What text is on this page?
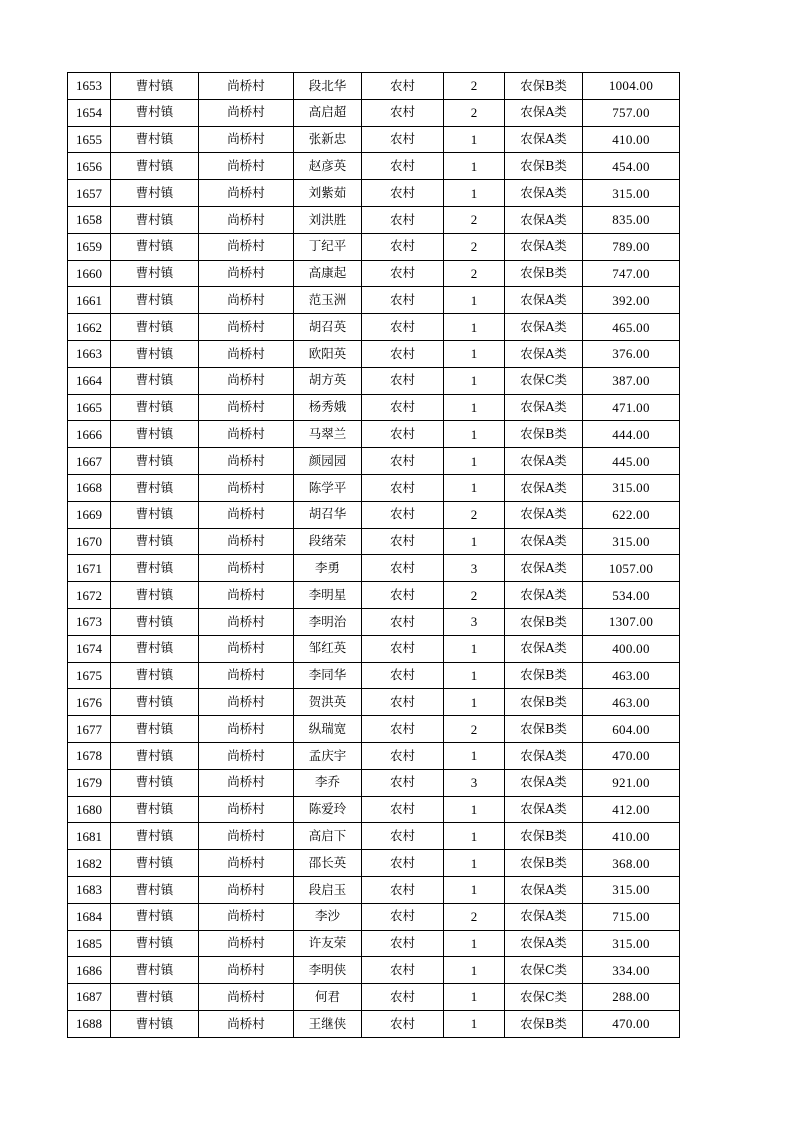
1653	曹村镇	尚桥村	段北华	农村	2	农保B类	1004.00
1654	曹村镇	尚桥村	高启超	农村	2	农保A类	757.00
1655	曹村镇	尚桥村	张新忠	农村	1	农保A类	410.00
1656	曹村镇	尚桥村	赵彦英	农村	1	农保B类	454.00
1657	曹村镇	尚桥村	刘紫茹	农村	1	农保A类	315.00
1658	曹村镇	尚桥村	刘洪胜	农村	2	农保A类	835.00
1659	曹村镇	尚桥村	丁纪平	农村	2	农保A类	789.00
1660	曹村镇	尚桥村	高康起	农村	2	农保B类	747.00
1661	曹村镇	尚桥村	范玉洲	农村	1	农保A类	392.00
1662	曹村镇	尚桥村	胡召英	农村	1	农保A类	465.00
1663	曹村镇	尚桥村	欧阳英	农村	1	农保A类	376.00
1664	曹村镇	尚桥村	胡方英	农村	1	农保C类	387.00
1665	曹村镇	尚桥村	杨秀娥	农村	1	农保A类	471.00
1666	曹村镇	尚桥村	马翠兰	农村	1	农保B类	444.00
1667	曹村镇	尚桥村	颜园园	农村	1	农保A类	445.00
1668	曹村镇	尚桥村	陈学平	农村	1	农保A类	315.00
1669	曹村镇	尚桥村	胡召华	农村	2	农保A类	622.00
1670	曹村镇	尚桥村	段绪荣	农村	1	农保A类	315.00
1671	曹村镇	尚桥村	李勇	农村	3	农保A类	1057.00
1672	曹村镇	尚桥村	李明星	农村	2	农保A类	534.00
1673	曹村镇	尚桥村	李明治	农村	3	农保B类	1307.00
1674	曹村镇	尚桥村	邹红英	农村	1	农保A类	400.00
1675	曹村镇	尚桥村	李同华	农村	1	农保B类	463.00
1676	曹村镇	尚桥村	贺洪英	农村	1	农保B类	463.00
1677	曹村镇	尚桥村	纵瑞宽	农村	2	农保B类	604.00
1678	曹村镇	尚桥村	孟庆宇	农村	1	农保A类	470.00
1679	曹村镇	尚桥村	李乔	农村	3	农保A类	921.00
1680	曹村镇	尚桥村	陈爱玲	农村	1	农保A类	412.00
1681	曹村镇	尚桥村	高启下	农村	1	农保B类	410.00
1682	曹村镇	尚桥村	邵长英	农村	1	农保B类	368.00
1683	曹村镇	尚桥村	段启玉	农村	1	农保A类	315.00
1684	曹村镇	尚桥村	李沙	农村	2	农保A类	715.00
1685	曹村镇	尚桥村	许友荣	农村	1	农保A类	315.00
1686	曹村镇	尚桥村	李明侠	农村	1	农保C类	334.00
1687	曹村镇	尚桥村	何君	农村	1	农保C类	288.00
1688	曹村镇	尚桥村	王继侠	农村	1	农保B类	470.00
